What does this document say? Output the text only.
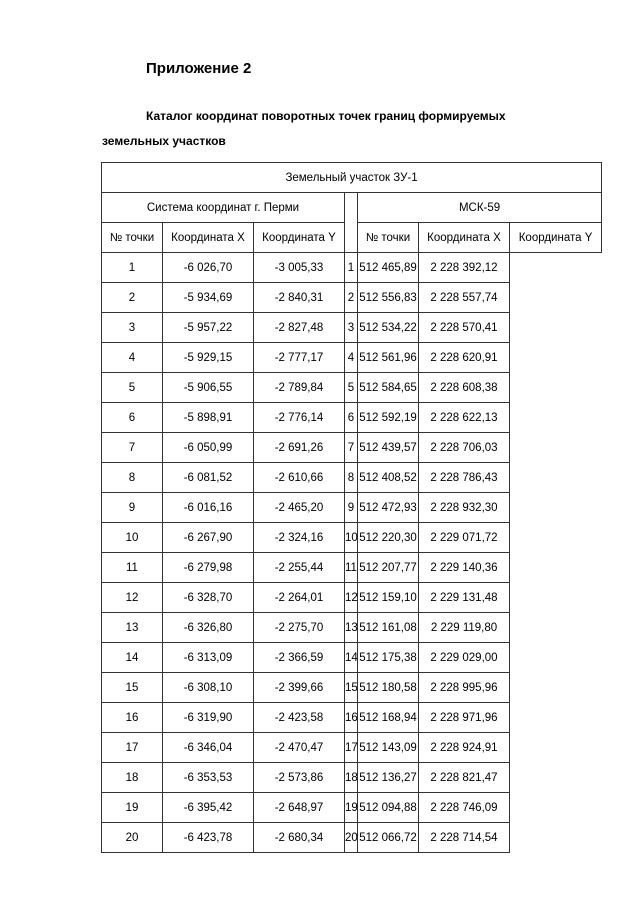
Приложение 2

Каталог координат поворотных точек границ формируемых земельных участков

Земельный участок ЗУ-1						
Система координат г. Перми				МСК-59		
№ точки	Координата X	Координата Y		№ точки	Координата X	Координата Y
1	-6 026,70	-3 005,33	1	512 465,89	2 228 392,12	
2	-5 934,69	-2 840,31	2	512 556,83	2 228 557,74	
3	-5 957,22	-2 827,48	3	512 534,22	2 228 570,41	
4	-5 929,15	-2 777,17	4	512 561,96	2 228 620,91	
5	-5 906,55	-2 789,84	5	512 584,65	2 228 608,38	
6	-5 898,91	-2 776,14	6	512 592,19	2 228 622,13	
7	-6 050,99	-2 691,26	7	512 439,57	2 228 706,03	
8	-6 081,52	-2 610,66	8	512 408,52	2 228 786,43	
9	-6 016,16	-2 465,20	9	512 472,93	2 228 932,30	
10	-6 267,90	-2 324,16	10	512 220,30	2 229 071,72	
11	-6 279,98	-2 255,44	11	512 207,77	2 229 140,36	
12	-6 328,70	-2 264,01	12	512 159,10	2 229 131,48	
13	-6 326,80	-2 275,70	13	512 161,08	2 229 119,80	
14	-6 313,09	-2 366,59	14	512 175,38	2 229 029,00	
15	-6 308,10	-2 399,66	15	512 180,58	2 228 995,96	
16	-6 319,90	-2 423,58	16	512 168,94	2 228 971,96	
17	-6 346,04	-2 470,47	17	512 143,09	2 228 924,91	
18	-6 353,53	-2 573,86	18	512 136,27	2 228 821,47	
19	-6 395,42	-2 648,97	19	512 094,88	2 228 746,09	
20	-6 423,78	-2 680,34	20	512 066,72	2 228 714,54	
